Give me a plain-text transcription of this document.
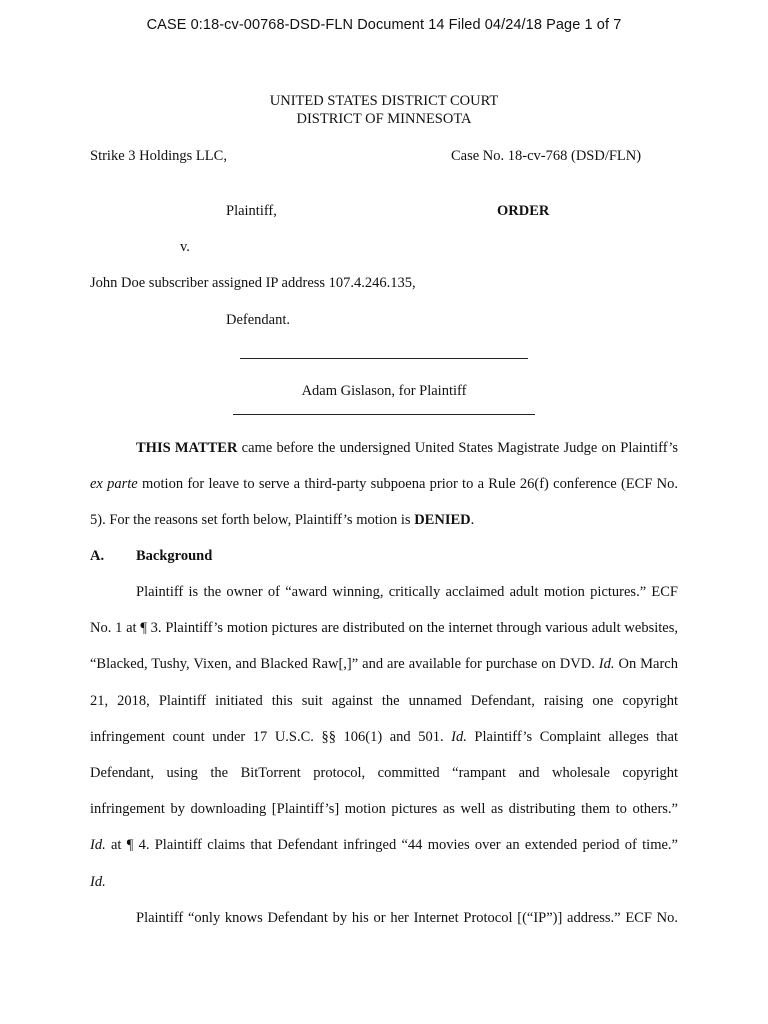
CASE 0:18-cv-00768-DSD-FLN Document 14 Filed 04/24/18 Page 1 of 7
UNITED STATES DISTRICT COURT
DISTRICT OF MINNESOTA
Strike 3 Holdings LLC,	Case No. 18-cv-768 (DSD/FLN)
Plaintiff,	ORDER
v.
John Doe subscriber assigned IP address 107.4.246.135,
Defendant.
Adam Gislason, for Plaintiff
THIS MATTER came before the undersigned United States Magistrate Judge on Plaintiff’s
ex parte motion for leave to serve a third-party subpoena prior to a Rule 26(f) conference (ECF No.
5). For the reasons set forth below, Plaintiff’s motion is DENIED.
A. Background
Plaintiff is the owner of “award winning, critically acclaimed adult motion pictures.” ECF
No. 1 at ¶ 3. Plaintiff’s motion pictures are distributed on the internet through various adult websites,
“Blacked, Tushy, Vixen, and Blacked Raw[,]” and are available for purchase on DVD. Id. On March
21, 2018, Plaintiff initiated this suit against the unnamed Defendant, raising one copyright
infringement count under 17 U.S.C. §§ 106(1) and 501. Id. Plaintiff’s Complaint alleges that
Defendant, using the BitTorrent protocol, committed “rampant and wholesale copyright
infringement by downloading [Plaintiff’s] motion pictures as well as distributing them to others.”
Id. at ¶ 4. Plaintiff claims that Defendant infringed “44 movies over an extended period of time.”
Id.
Plaintiff “only knows Defendant by his or her Internet Protocol [(“IP”)] address.” ECF No.
